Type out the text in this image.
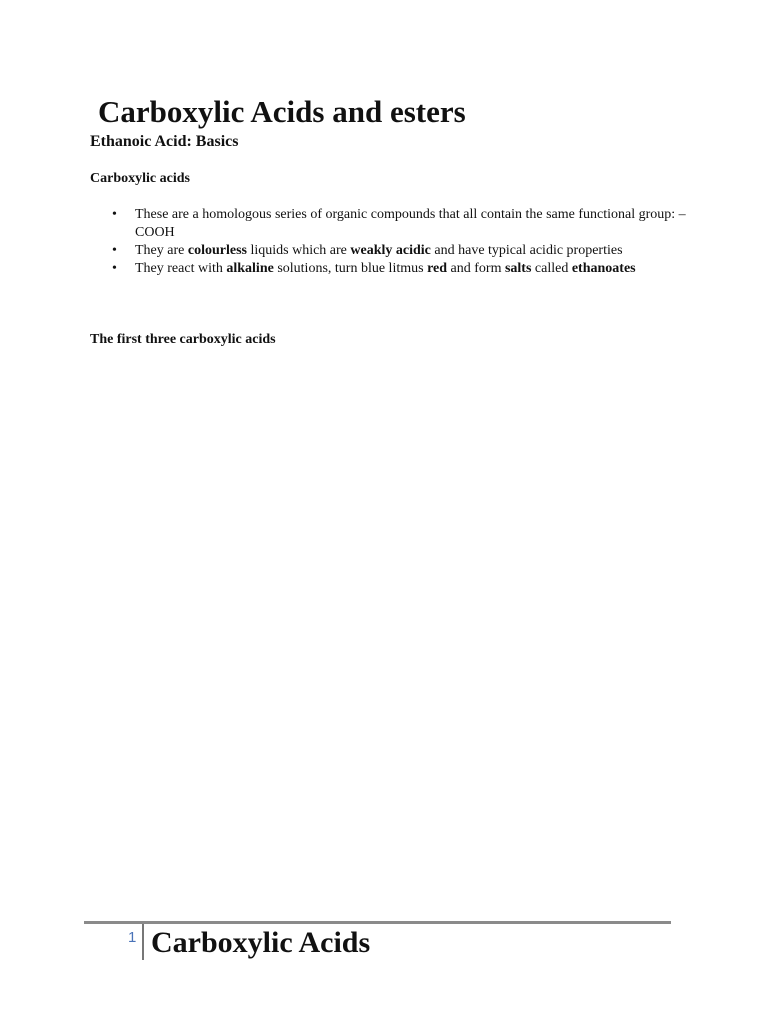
Carboxylic Acids and esters
Ethanoic Acid: Basics
Carboxylic acids
• These are a homologous series of organic compounds that all contain the same functional group: –COOH
• They are colourless liquids which are weakly acidic and have typical acidic properties
• They react with alkaline solutions, turn blue litmus red and form salts called ethanoates
The first three carboxylic acids
1 Carboxylic Acids
